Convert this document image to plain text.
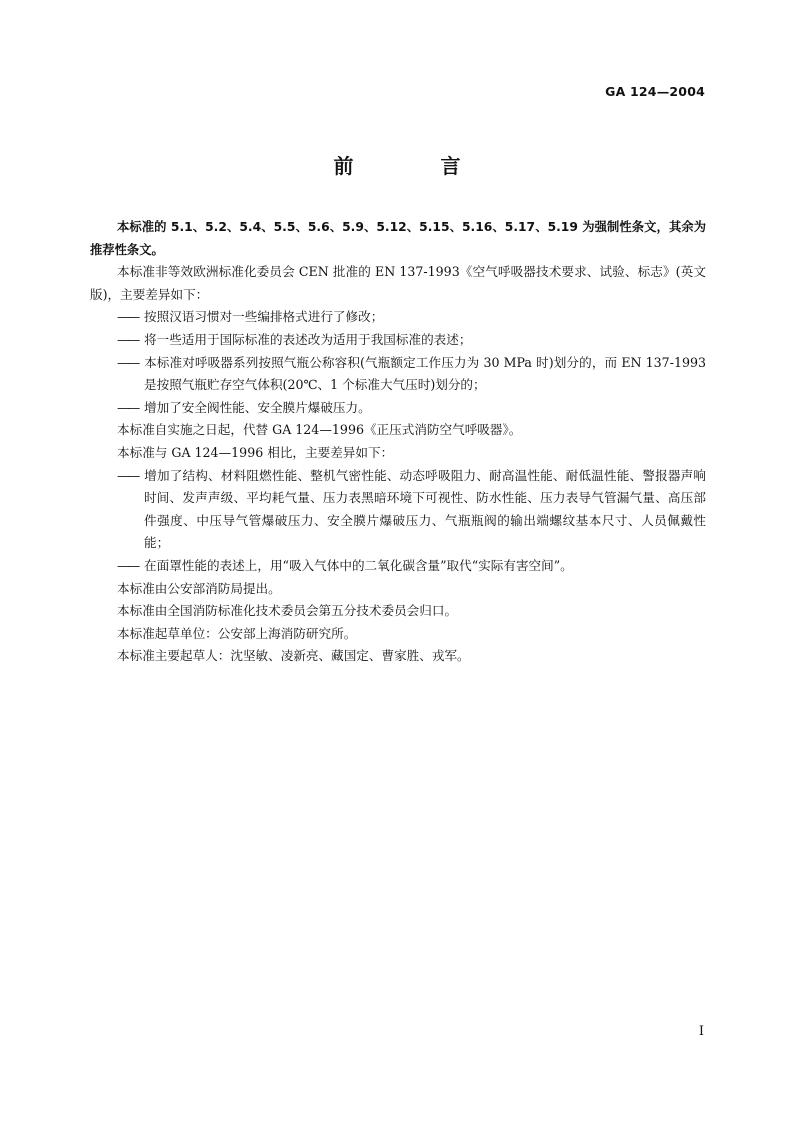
GA 124—2004
前 言

本标准的 5.1、5.2、5.4、5.5、5.6、5.9、5.12、5.15、5.16、5.17、5.19 为强制性条文，其余为推荐性条文。

本标准非等效欧洲标准化委员会 CEN 批准的 EN 137-1993《空气呼吸器技术要求、试验、标志》(英文版)，主要差异如下：

—— 按照汉语习惯对一些编排格式进行了修改；

—— 将一些适用于国际标准的表述改为适用于我国标准的表述；

—— 本标准对呼吸器系列按照气瓶公称容积(气瓶额定工作压力为 30 MPa 时)划分的，而 EN 137-1993 是按照气瓶贮存空气体积(20℃、1 个标准大气压时)划分的；

—— 增加了安全阀性能、安全膜片爆破压力。

本标准自实施之日起，代替 GA 124—1996《正压式消防空气呼吸器》。

本标准与 GA 124—1996 相比，主要差异如下：

—— 增加了结构、材料阻燃性能、整机气密性能、动态呼吸阻力、耐高温性能、耐低温性能、警报器声响时间、发声声级、平均耗气量、压力表黑暗环境下可视性、防水性能、压力表导气管漏气量、高压部件强度、中压导气管爆破压力、安全膜片爆破压力、气瓶瓶阀的输出端螺纹基本尺寸、人员佩戴性能；

—— 在面罩性能的表述上，用“吸入气体中的二氧化碳含量”取代“实际有害空间”。

本标准由公安部消防局提出。

本标准由全国消防标准化技术委员会第五分技术委员会归口。

本标准起草单位：公安部上海消防研究所。

本标准主要起草人：沈坚敏、凌新亮、藏国定、曹家胜、戎军。

I
